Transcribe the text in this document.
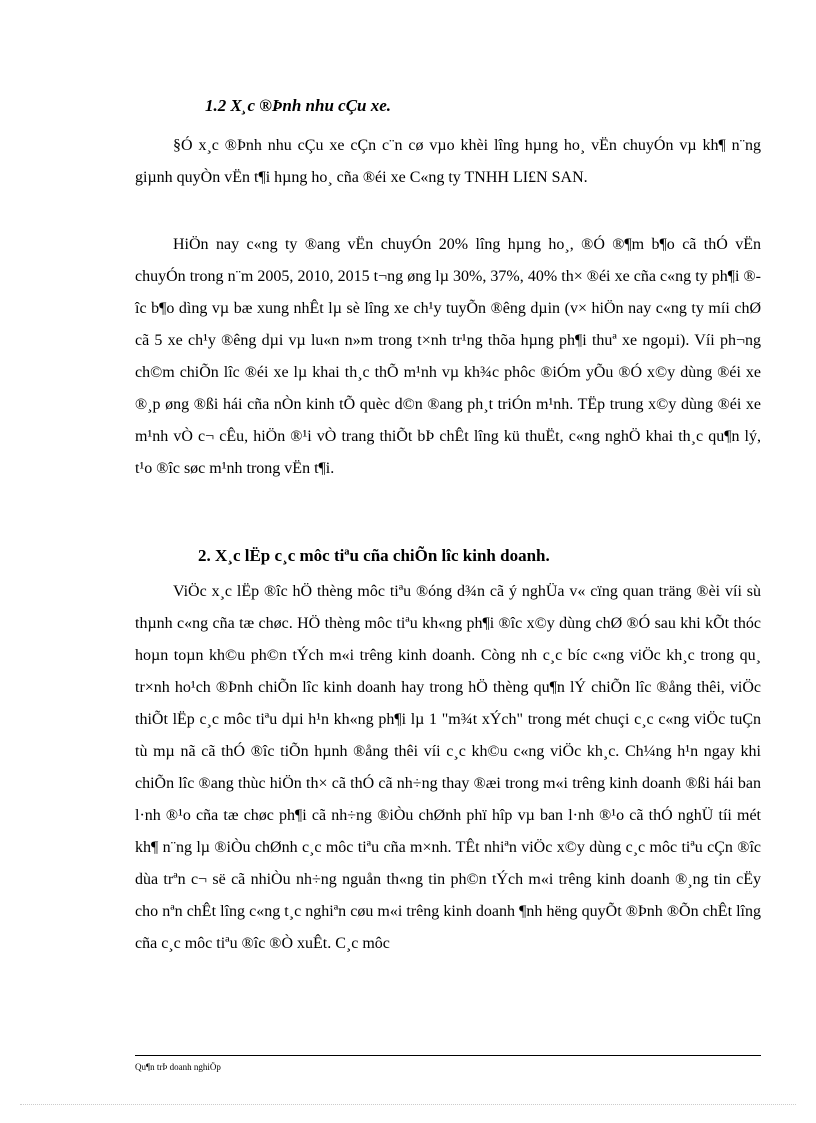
1.2 X¸c ®Þnh nhu cÇu xe.

§Ó x¸c ®Þnh nhu cÇu xe cÇn c¨n cø vµo khèi lîng hµng ho¸ vËn chuyÓn vµ kh¶ n¨ng giµnh quyÒn vËn t¶i hµng ho¸ cña ®éi xe C«ng ty TNHH LI£N SAN.

HiÖn nay c«ng ty ®ang vËn chuyÓn 20% lîng hµng ho¸, ®Ó ®¶m b¶o cã thÓ vËn chuyÓn trong n¨m 2005, 2010, 2015 t¬ng øng lµ 30%, 37%, 40% th× ®éi xe cña c«ng ty ph¶i ®îc b¶o dìng vµ bæ xung nhÊt lµ sè lîng xe ch¹y tuyÕn ®êng dµin (v× hiÖn nay c«ng ty míi chØ cã 5 xe ch¹y ®êng dµi vµ lu«n n»m trong t×nh tr¹ng thõa hµng ph¶i thuª xe ngoµi). Víi ph¬ng ch©m chiÕn lîc ®éi xe lµ khai th¸c thÕ m¹nh vµ kh¾c phôc ®iÓm yÕu ®Ó x©y dùng ®éi xe ®¸p øng ®ßi hái cña nÒn kinh tÕ quèc d©n ®ang ph¸t triÓn m¹nh. TËp trung x©y dùng ®éi xe m¹nh vÒ c¬ cÊu, hiÖn ®¹i vÒ trang thiÕt bÞ chÊt lîng kü thuËt, c«ng nghÖ khai th¸c qu¶n lý, t¹o ®îc søc m¹nh trong vËn t¶i.

2. X¸c lËp c¸c môc tiªu cña chiÕn lîc kinh doanh.

ViÖc x¸c lËp ®îc hÖ thèng môc tiªu ®óng d¾n cã ý nghÜa v« cïng quan träng ®èi víi sù thµnh c«ng cña tæ chøc. HÖ thèng môc tiªu kh«ng ph¶i ®îc x©y dùng chØ ®Ó sau khi kÕt thóc hoµn toµn kh©u ph©n tÝch m«i trêng kinh doanh. Còng nh c¸c bíc c«ng viÖc kh¸c trong qu¸ tr×nh ho¹ch ®Þnh chiÕn lîc kinh doanh hay trong hÖ thèng qu¶n lÝ chiÕn lîc ®ång thêi, viÖc thiÕt lËp c¸c môc tiªu dµi h¹n kh«ng ph¶i lµ 1 "m¾t xÝch" trong mét chuçi c¸c c«ng viÖc tuÇn tù mµ nã cã thÓ ®îc tiÕn hµnh ®ång thêi víi c¸c kh©u c«ng viÖc kh¸c. Ch¼ng h¹n ngay khi chiÕn lîc ®ang thùc hiÖn th× cã thÓ cã nh÷ng thay ®æi trong m«i trêng kinh doanh ®ßi hái ban l·nh ®¹o cña tæ chøc ph¶i cã nh÷ng ®iÒu chØnh phï hîp vµ ban l·nh ®¹o cã thÓ nghÜ tíi mét kh¶ n¨ng lµ ®iÒu chØnh c¸c môc tiªu cña m×nh. TÊt nhiªn viÖc x©y dùng c¸c môc tiªu cÇn ®îc dùa trªn c¬ së cã nhiÒu nh÷ng nguån th«ng tin ph©n tÝch m«i trêng kinh doanh ®¸ng tin cËy cho nªn chÊt lîng c«ng t¸c nghiªn cøu m«i trêng kinh doanh ¶nh hëng quyÕt ®Þnh ®Õn chÊt lîng cña c¸c môc tiªu ®îc ®Ò xuÊt. C¸c môc

Qu¶n trÞ doanh nghiÖp
